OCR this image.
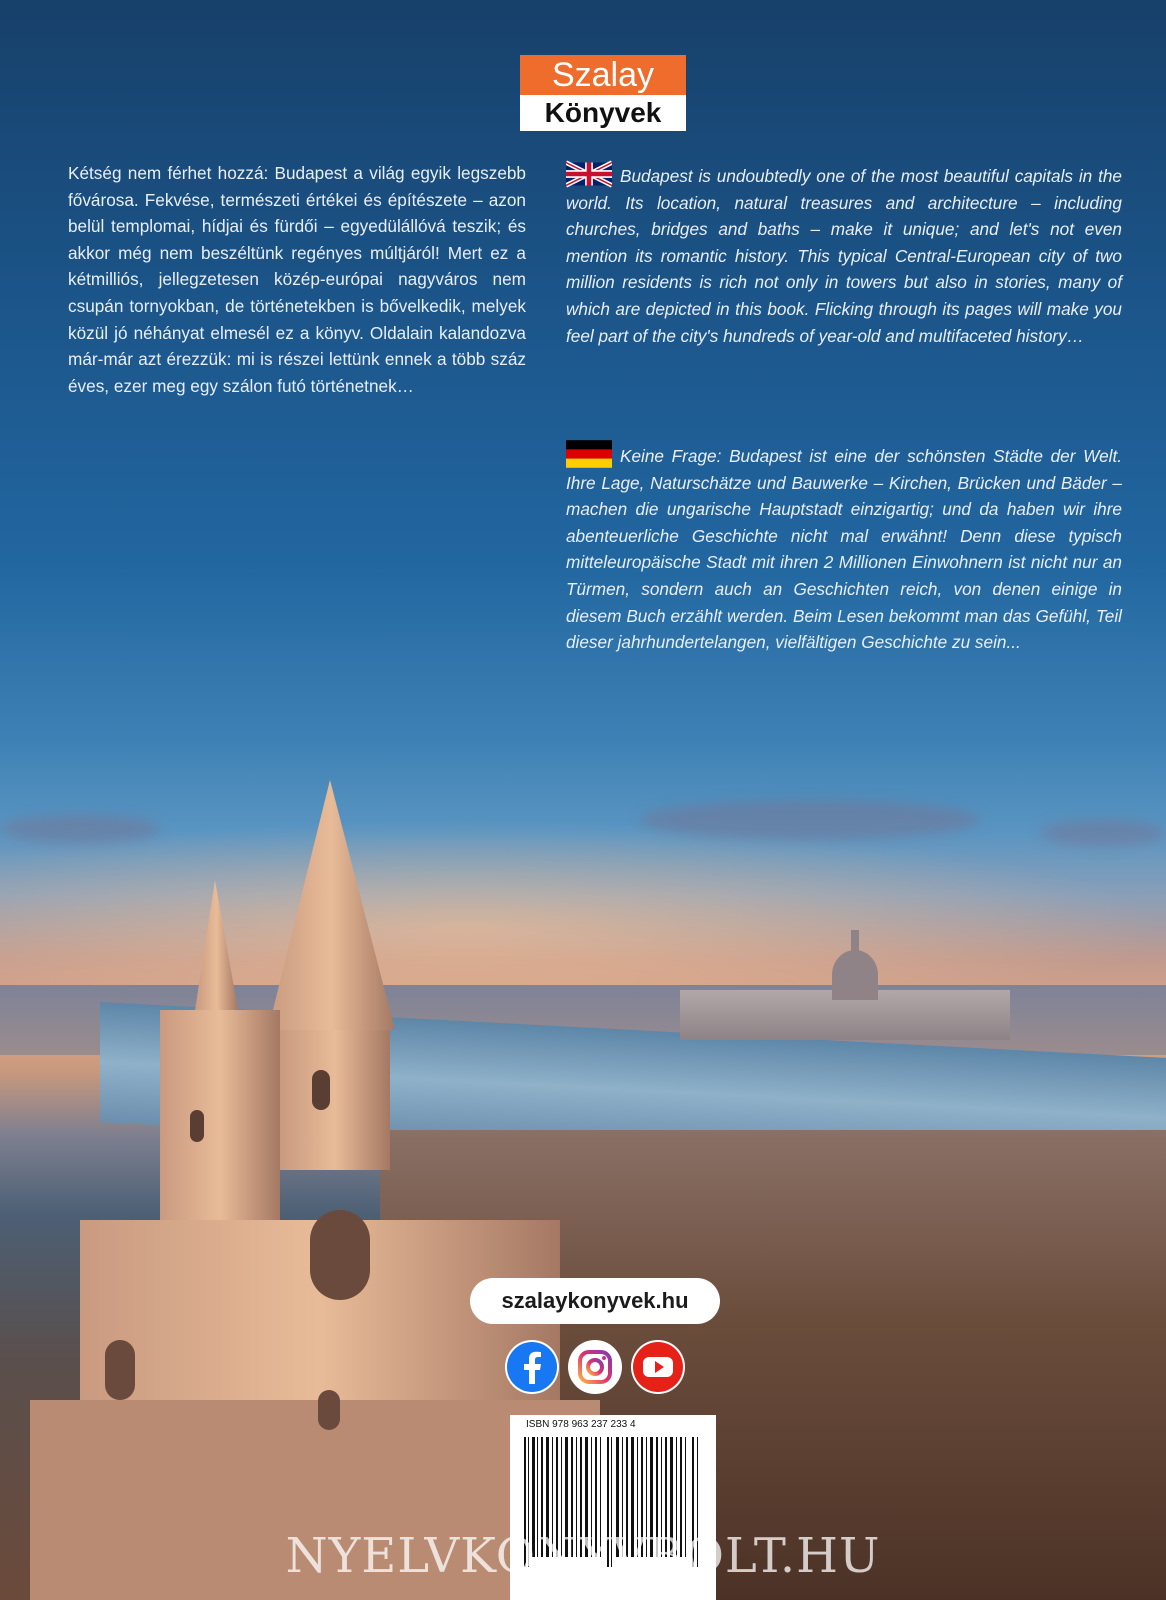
Szalay
Könyvek
Kétség nem férhet hozzá: Budapest a világ egyik legszebb fővárosa. Fekvése, természeti értékei és építészete – azon belül templomai, hídjai és fürdői – egyedülállóvá teszik; és akkor még nem beszéltünk regényes múltjáról! Mert ez a kétmilliós, jellegzetesen közép-európai nagyváros nem csupán tornyokban, de történetekben is bővelkedik, melyek közül jó néhányat elmesél ez a könyv. Oldalain kalandozva már-már azt érezzük: mi is részei lettünk ennek a több száz éves, ezer meg egy szálon futó történetnek…
Budapest is undoubtedly one of the most beautiful capitals in the world. Its location, natural treasures and architecture – including churches, bridges and baths – make it unique; and let's not even mention its romantic history. This typical Central-European city of two million residents is rich not only in towers but also in stories, many of which are depicted in this book. Flicking through its pages will make you feel part of the city's hundreds of year-old and multifaceted history…
Keine Frage: Budapest ist eine der schönsten Städte der Welt. Ihre Lage, Naturschätze und Bauwerke – Kirchen, Brücken und Bäder – machen die ungarische Hauptstadt einzigartig; und da haben wir ihre abenteuerliche Geschichte nicht mal erwähnt! Denn diese typisch mitteleuropäische Stadt mit ihren 2 Millionen Einwohnern ist nicht nur an Türmen, sondern auch an Geschichten reich, von denen einige in diesem Buch erzählt werden. Beim Lesen bekommt man das Gefühl, Teil dieser jahrhundertelangen, vielfältigen Geschichte zu sein...
szalaykonyvek.hu
ISBN 978 963 237 233 4
NYELVKONYVBOLT.HU
